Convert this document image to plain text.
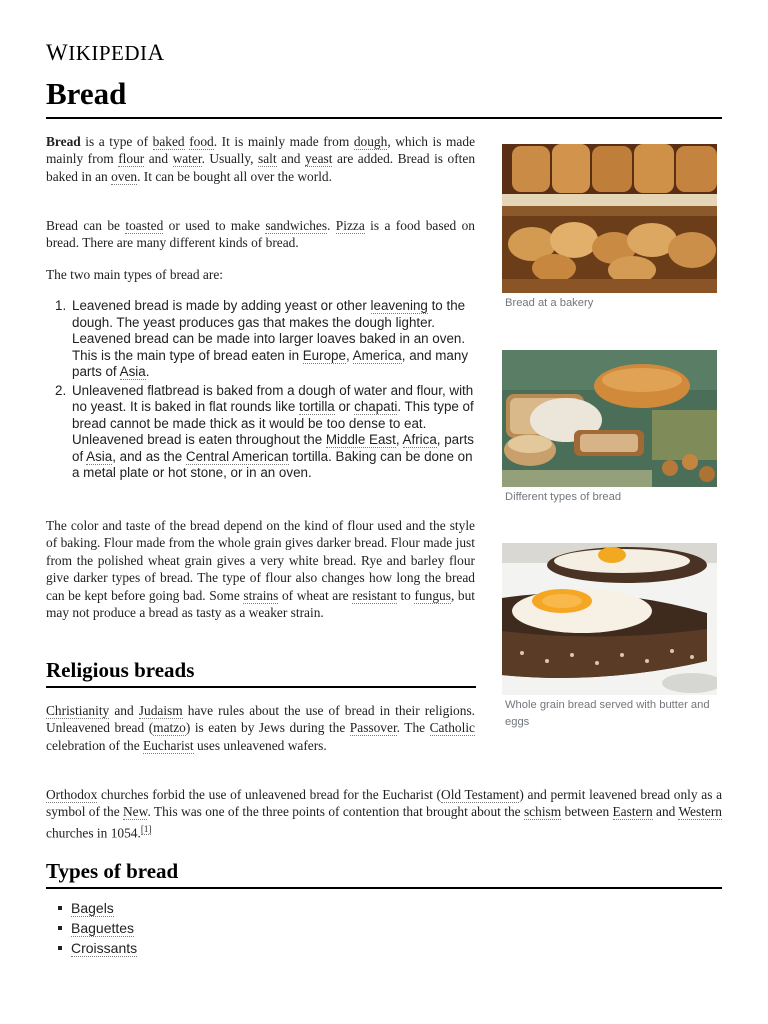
WIKIPEDIA
Bread

Bread is a type of baked food. It is mainly made from dough, which is made mainly from flour and water. Usually, salt and yeast are added. Bread is often baked in an oven. It can be bought all over the world.

Bread can be toasted or used to make sandwiches. Pizza is a food based on bread. There are many different kinds of bread.

The two main types of bread are:

Leavened bread is made by adding yeast or other leavening to the dough. The yeast produces gas that makes the dough lighter. Leavened bread can be made into larger loaves baked in an oven. This is the main type of bread eaten in Europe, America, and many parts of Asia.
Unleavened flatbread is baked from a dough of water and flour, with no yeast. It is baked in flat rounds like tortilla or chapati. This type of bread cannot be made thick as it would be too dense to eat. Unleavened bread is eaten throughout the Middle East, Africa, parts of Asia, and as the Central American tortilla. Baking can be done on a metal plate or hot stone, or in an oven.

The color and taste of the bread depend on the kind of flour used and the style of baking. Flour made from the whole grain gives darker bread. Flour made just from the polished wheat grain gives a very white bread. Rye and barley flour give darker types of bread. The type of flour also changes how long the bread can be kept before going bad. Some strains of wheat are resistant to fungus, but may not produce a bread as tasty as a weaker strain.

Religious breads

Christianity and Judaism have rules about the use of bread in their religions. Unleavened bread (matzo) is eaten by Jews during the Passover. The Catholic celebration of the Eucharist uses unleavened wafers.

Orthodox churches forbid the use of unleavened bread for the Eucharist (Old Testament) and permit leavened bread only as a symbol of the New. This was one of the three points of contention that brought about the schism between Eastern and Western churches in 1054.[1]

Types of bread
Bagels
Baguettes
Croissants

Bread at a bakery

Different types of bread

Whole grain bread served with butter and eggs
